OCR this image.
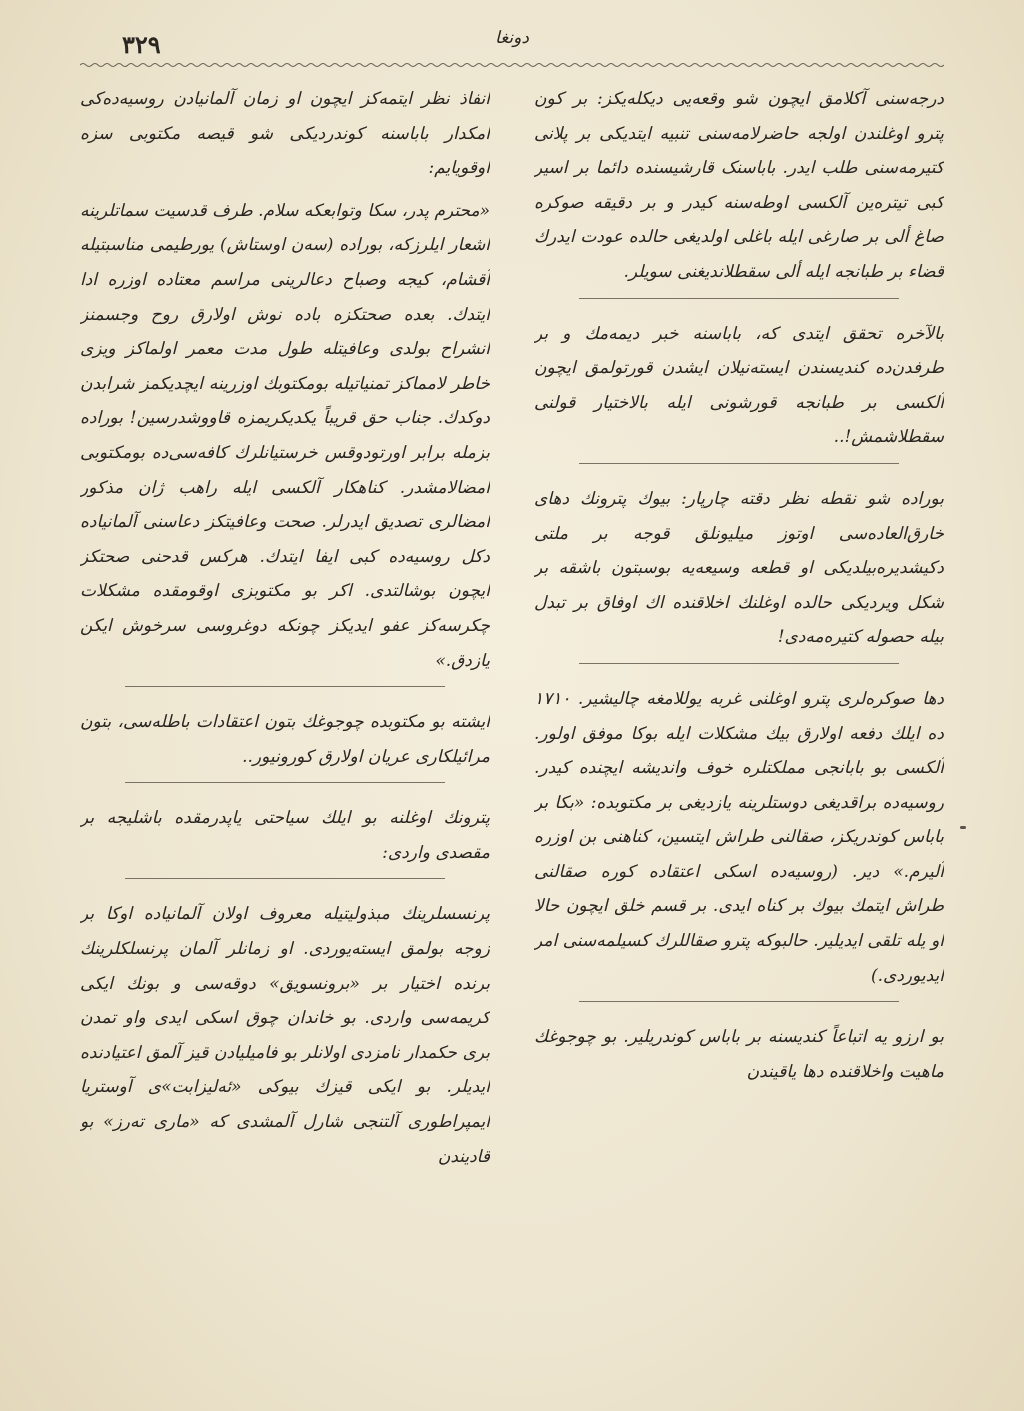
دونغا
۳۲۹

درجه‌سنی آکلامق ایچون شو وقعه‌یی دیکله‌یکز: بر کون پترو اوغلندن اولجه حاضرلامه‌سنی تنبیه ایتدیکی بر پلانی کتیرمه‌سنی طلب ایدر. باباسنک قارشیسنده دائما بر اسیر کبی تیتره‌ین آلکسی اوطه‌سنه کیدر و بر دقیقه صوکره صاغ ألی بر صارغی ایله باغلی اولدیغی حالده عودت ایدرك قضاء بر طبانجه ایله ألی سقطلاندیغنی سویلر.

بالآخره تحقق ایتدی که، باباسنه خبر دیمه‌مك و بر طرفدن‌ده کندیسندن ایسته‌نیلان ایشدن قورتولمق ایچون آلکسی بر طبانجه قورشونی ایله بالاختیار قولنی سقطلاشمش!..

بوراده شو نقطه نظر دقته چارپار: بیوك پترونك دهای خارق‌العاده‌سی اوتوز میلیونلق قوجه بر ملتی دکیشدیره‌بیلدیکی او قطعه وسیعه‌یه بوسبتون باشقه بر شکل ویردیکی حالده اوغلنك اخلاقنده اك اوفاق بر تبدل بیله حصوله کتیره‌مه‌دی!

دها صوکره‌لری پترو اوغلنی غربه یوللامغه چالیشیر. ۱۷۱۰ ده ایلك دفعه اولارق بیك مشکلات ایله بوکا موفق اولور. آلکسی بو بابانجی مملکتلره خوف واندیشه ایچنده کیدر. روسیه‌ده براقدیغی دوستلرینه یازدیغی بر مکتوبده: «بکا بر باباس کوندریکز، صقالنی طراش ایتسین، کناهنی بن اوزره آلیرم.» دیر. (روسیه‌ده اسکی اعتقاده کوره صقالنی طراش ایتمك بیوك بر کناه ایدی. بر قسم خلق ایچون حالا او یله تلقی ایدیلیر. حالبوکه پترو صقاللرك کسیلمه‌سنی امر ایدیوردی.)

بو ارزو یه اتباعاً کندیسنه بر باباس کوندریلیر. بو چوجوغك ماهیت واخلاقنده دها یاقیندن

انفاذ نظر ایتمه‌کز ایچون او زمان آلمانیادن روسیه‌ده‌کی امکدار باباسنه کوندردیکی شو قیصه مکتوبی سزه اوقویایم:

«محترم پدر، سکا وتوابعکه سلام. طرف قدسیت سماتلرینه اشعار ایلرزکه، بوراده (سه‌ن اوستاش) یورطیمی مناسبتیله آقشام، کیجه وصباح دعالرینی مراسم معتاده اوزره ادا ایتدك. بعده صحتکزه باده نوش اولارق روح وجسمنز انشراح بولدی وعافیتله طول مدت معمر اولماکز ویزی خاطر لامماکز تمنیاتیله بومکتوبك اوزرینه ایچدیکمز شرابدن دوکدك. جناب حق قریباً یکدیکریمزه قاووشدرسین! بوراده بزمله برابر اورتودوقس خرستیانلرك کافه‌سی‌ده بومکتوبی امضالامشدر. کناهکار آلکسی ایله راهب ژان مذکور امضالری تصدیق ایدرلر. صحت وعافیتکز دعاسنی آلمانیاده دکل روسیه‌ده کبی ایفا ایتدك. هرکس قدحنی صحتکز ایچون بوشالتدی. اکر بو مکتوبزی اوقومقده مشکلات چکرسه‌کز عفو ایدیکز چونکه دوغروسی سرخوش ایکن یازدق.»

ایشته بو مکتوبده چوجوغك بتون اعتقادات باطله‌سی، بتون مرائیلکاری عریان اولارق کورونیور..

پترونك اوغلنه بو ایلك سیاحتی یاپدرمقده باشلیجه بر مقصدی واردی:

پرنسسلرینك مبذولیتیله معروف اولان آلمانیاده اوکا بر زوجه بولمق ایسته‌یوردی. او زمانلر آلمان پرنسلکلرینك برنده اختیار بر «برونسویق» دوقه‌سی و بونك ایکی کریمه‌سی واردی. بو خاندان چوق اسکی ایدی واو تمدن بری حکمدار نامزدی اولانلر بو فامیلیادن قیز آلمق اعتیادنده ایدیلر. بو ایکی قیزك بیوکی «ئه‌لیزابت»ی آوستریا ایمپراطوری آلتنجی شارل آلمشدی که «ماری ته‌رز» بو قادیندن
